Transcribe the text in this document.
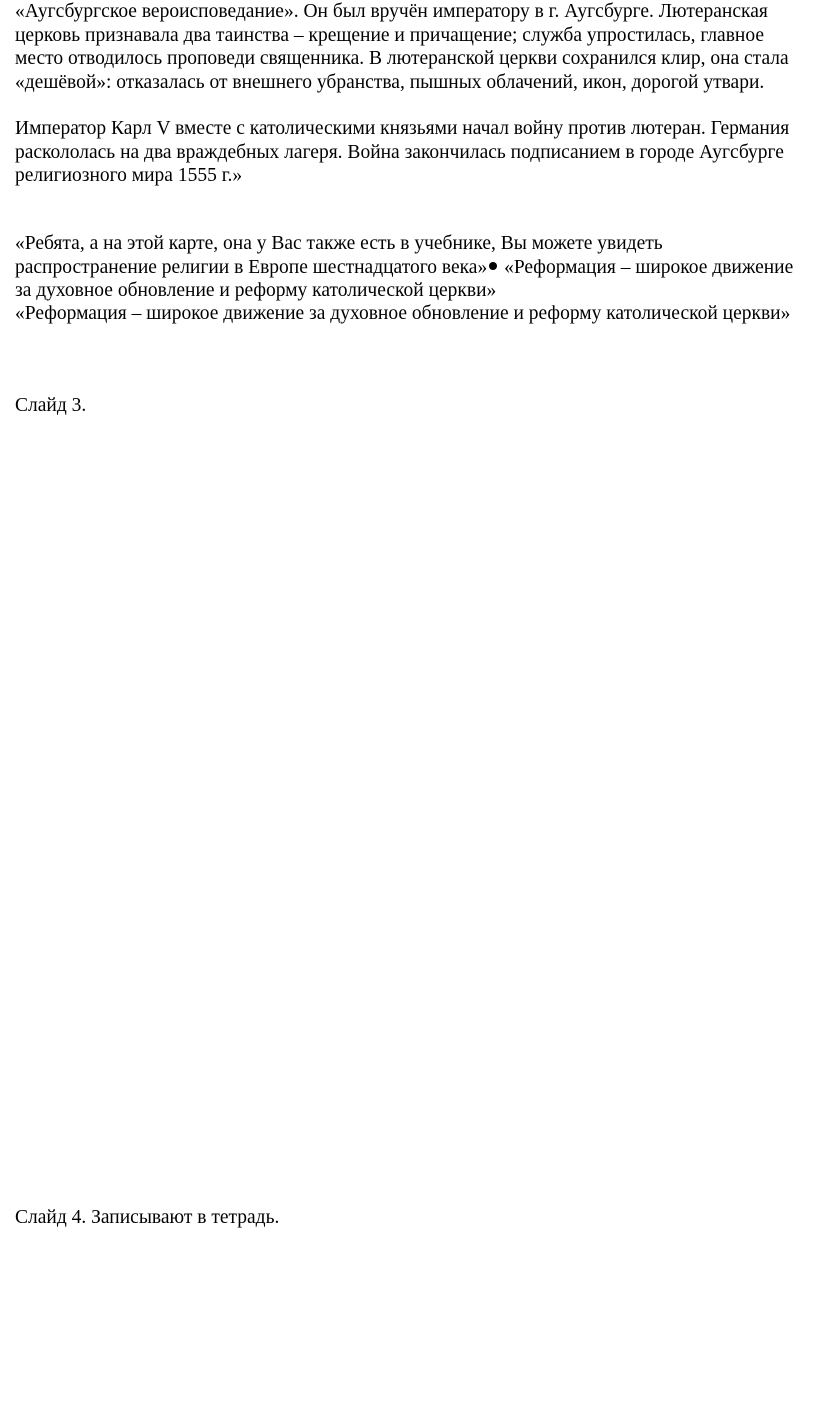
«Аугсбургское вероисповедание». Он был вручён императору в г. Аугсбурге. Лютеранская церковь признавала два таинства – крещение и причащение; служба упростилась, главное место отводилось проповеди священника. В лютеранской церкви сохранился клир, она стала «дешёвой»: отказалась от внешнего убранства, пышных облачений, икон, дорогой утвари.

Император Карл V вместе с католическими князьями начал войну против лютеран. Германия раскололась на два враждебных лагеря. Война закончилась подписанием в городе Аугсбурге религиозного мира 1555 г.»

«Ребята, а на этой карте, она у Вас также есть в учебнике, Вы можете увидеть распространение религии в Европе шестнадцатого века» «Реформация – широкое движение за духовное обновление и реформу католической церкви»

«Реформация – широкое движение за духовное обновление и реформу католической церкви»

Слайд 3.

Слайд 4. Записывают в тетрадь.
